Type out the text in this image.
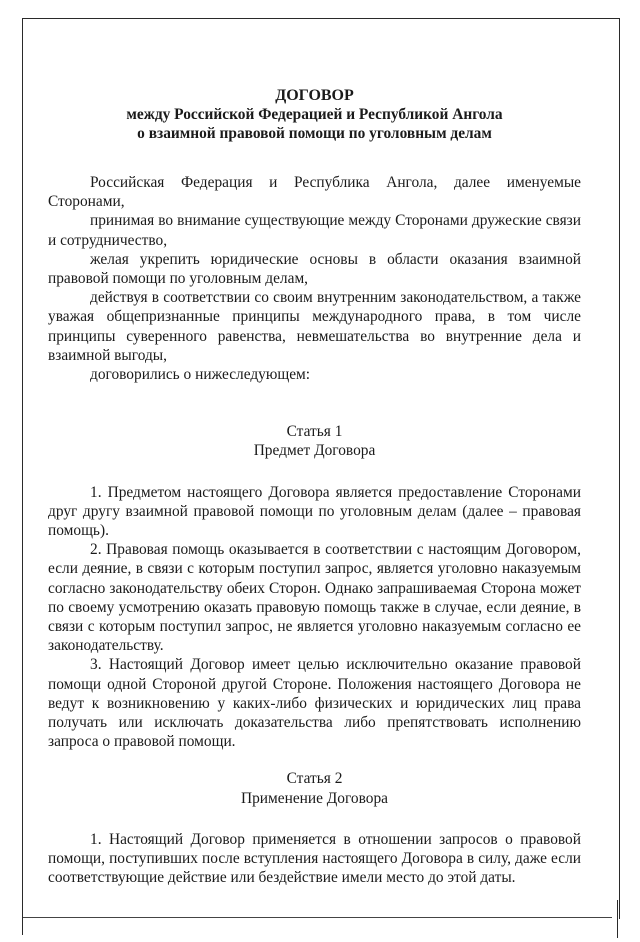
ДОГОВОР
между Российской Федерацией и Республикой Ангола
о взаимной правовой помощи по уголовным делам

Российская Федерация и Республика Ангола, далее именуемые Сторонами,

принимая во внимание существующие между Сторонами дружеские связи и сотрудничество,

желая укрепить юридические основы в области оказания взаимной правовой помощи по уголовным делам,

действуя в соответствии со своим внутренним законодательством, а также уважая общепризнанные принципы международного права, в том числе принципы суверенного равенства, невмешательства во внутренние дела и взаимной выгоды,

договорились о нижеследующем:

Статья 1

Предмет Договора

1. Предметом настоящего Договора является предоставление Сторонами друг другу взаимной правовой помощи по уголовным делам (далее – правовая помощь).

2. Правовая помощь оказывается в соответствии с настоящим Договором, если деяние, в связи с которым поступил запрос, является уголовно наказуемым согласно законодательству обеих Сторон. Однако запрашиваемая Сторона может по своему усмотрению оказать правовую помощь также в случае, если деяние, в связи с которым поступил запрос, не является уголовно наказуемым согласно ее законодательству.

3. Настоящий Договор имеет целью исключительно оказание правовой помощи одной Стороной другой Стороне. Положения настоящего Договора не ведут к возникновению у каких-либо физических и юридических лиц права получать или исключать доказательства либо препятствовать исполнению запроса о правовой помощи.

Статья 2

Применение Договора

1. Настоящий Договор применяется в отношении запросов о правовой помощи, поступивших после вступления настоящего Договора в силу, даже если соответствующие действие или бездействие имели место до этой даты.
